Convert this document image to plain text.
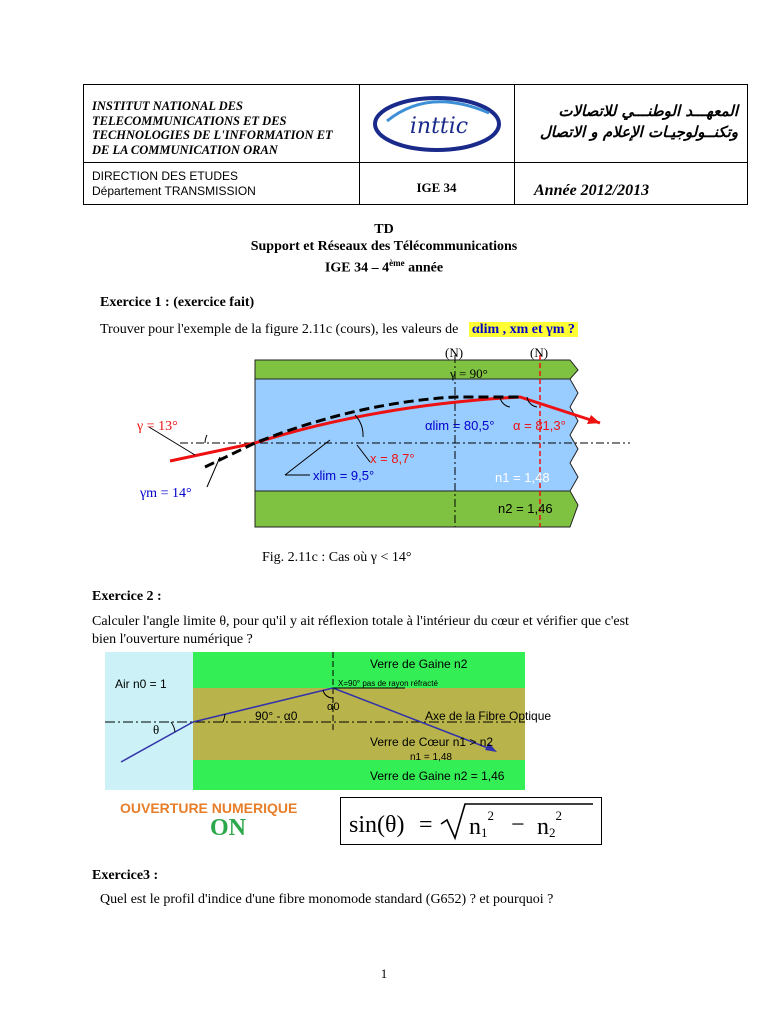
INSTITUT NATIONAL DES
TELECOMMUNICATIONS ET DES
TECHNOLOGIES DE L'INFORMATION ET
DE LA COMMUNICATION ORAN
inttic
المعهـــد الوطنـــي للاتصالات
وتكنــولوجيـات الإعلام و الاتصال
DIRECTION DES ETUDES
Département TRANSMISSION	IGE 34	Année 2012/2013
TD
Support et Réseaux des Télécommunications
IGE 34 – 4ème année
Exercice 1 : (exercice fait)
Trouver pour l'exemple de la figure 2.11c (cours), les valeurs de αlim , xm et γm ?
(N)	(N)
γ = 90°
γ = 13°
γm = 14°
αlim = 80,5° α = 81,3°
x = 8,7°
xlim = 9,5°	n1 = 1,48
n2 = 1,46
Fig. 2.11c : Cas où γ < 14°
Exercice 2 :
Calculer l'angle limite θ, pour qu'il y ait réflexion totale à l'intérieur du cœur et vérifier que c'est
bien l'ouverture numérique ?
Air n0 = 1
Verre de Gaine n2
X=90° pas de rayon réfracté
α0
90° - α0	Axe de la Fibre Optique
θ
Verre de Cœur n1 > n2
n1 = 1,48
Verre de Gaine n2 = 1,46
OUVERTURE NUMERIQUE
ON	$\sin(\theta) = n1^2 - n2^2$
Exercice3 :
Quel est le profil d'indice d'une fibre monomode standard (G652) ? et pourquoi ?
1
